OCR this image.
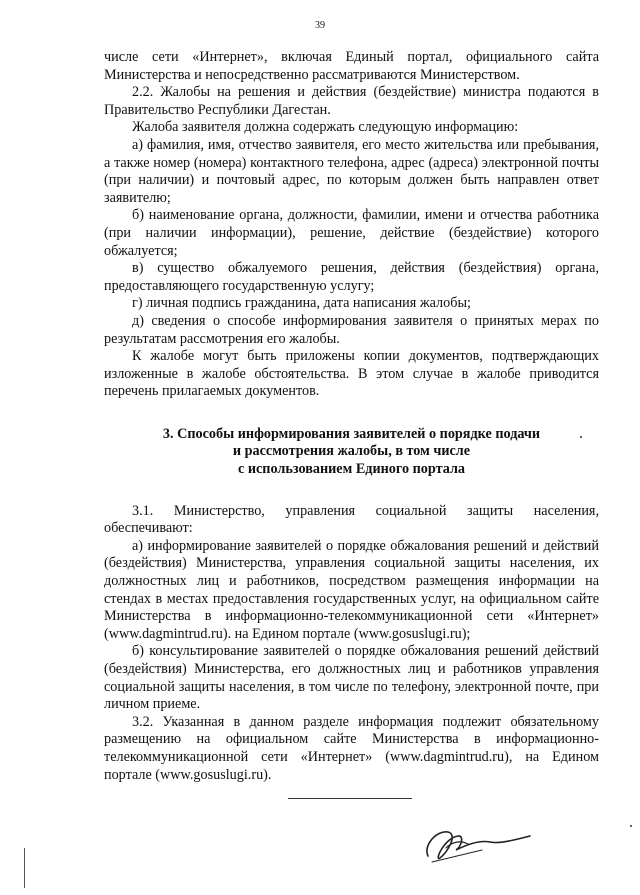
39

числе сети «Интернет», включая Единый портал, официального сайта Министерства и непосредственно рассматриваются Министерством.

2.2. Жалобы на решения и действия (бездействие) министра подаются в Правительство Республики Дагестан.

Жалоба заявителя должна содержать следующую информацию:

а) фамилия, имя, отчество заявителя, его место жительства или пребывания, а также номер (номера) контактного телефона, адрес (адреса) электронной почты (при наличии) и почтовый адрес, по которым должен быть направлен ответ заявителю;

б) наименование органа, должности, фамилии, имени и отчества работника (при наличии информации), решение, действие (бездействие) которого обжалуется;

в) существо обжалуемого решения, действия (бездействия) органа, предоставляющего государственную услугу;

г) личная подпись гражданина, дата написания жалобы;

д) сведения о способе информирования заявителя о принятых мерах по результатам рассмотрения его жалобы.

К жалобе могут быть приложены копии документов, подтверждающих изложенные в жалобе обстоятельства. В этом случае в жалобе приводится перечень прилагаемых документов.

3. Способы информирования заявителей о порядке подачи
и рассмотрения жалобы, в том числе
с использованием Единого портала

3.1. Министерство, управления социальной защиты населения, обеспечивают:

а) информирование заявителей о порядке обжалования решений и действий (бездействия) Министерства, управления социальной защиты населения, их должностных лиц и работников, посредством размещения информации на стендах в местах предоставления государственных услуг, на официальном сайте Министерства в информационно-телекоммуникационной сети «Интернет» (www.dagmintrud.ru). на Едином портале (www.gosuslugi.ru);

б) консультирование заявителей о порядке обжалования решений действий (бездействия) Министерства, его должностных лиц и работников управления социальной защиты населения, в том числе по телефону, электронной почте, при личном приеме.

3.2. Указанная в данном разделе информация подлежит обязательному размещению на официальном сайте Министерства в информационно-телекоммуникационной сети «Интернет» (www.dagmintrud.ru), на Едином портале (www.gosuslugi.ru).
